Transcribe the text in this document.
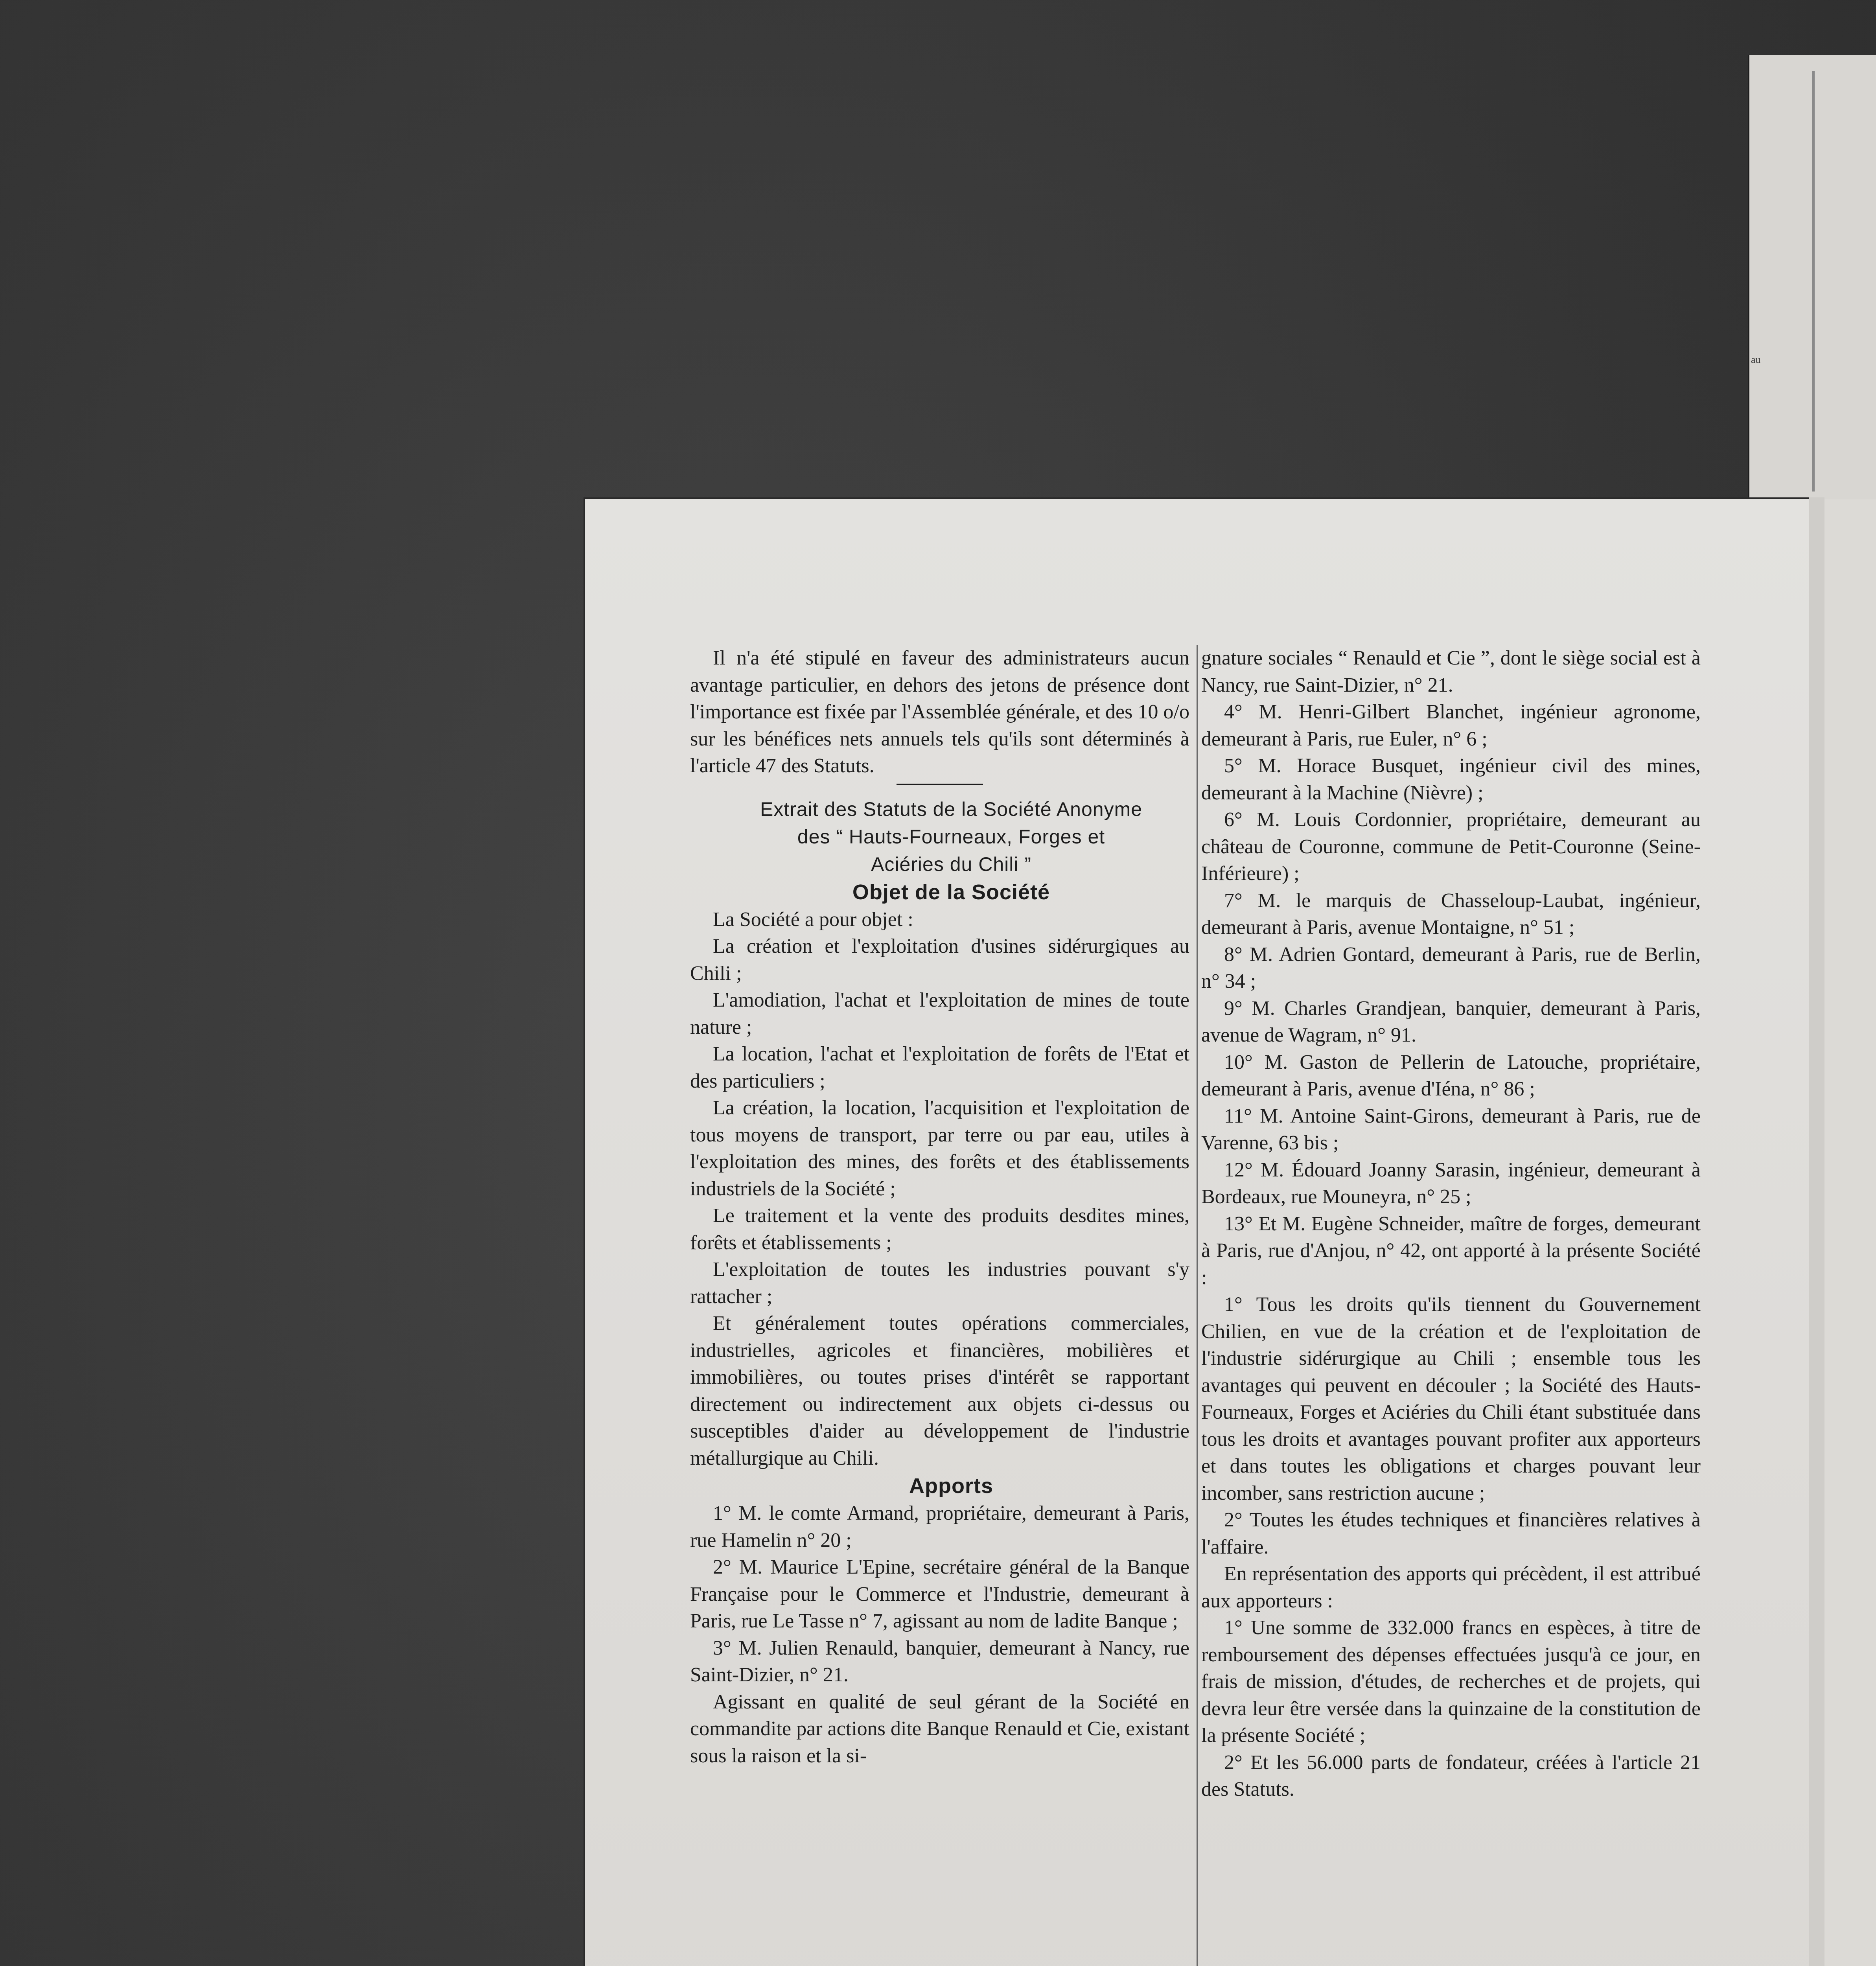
au

Il n'a été stipulé en faveur des administrateurs aucun avantage particulier, en dehors des jetons de présence dont l'importance est fixée par l'Assemblée générale, et des 10 o/o sur les bénéfices nets annuels tels qu'ils sont déterminés à l'article 47 des Statuts.

Extrait des Statuts de la Société Anonyme

des “ Hauts-Fourneaux, Forges et

Aciéries du Chili ”

Objet de la Société

La Société a pour objet :

La création et l'exploitation d'usines sidérurgiques au Chili ;

L'amodiation, l'achat et l'exploitation de mines de toute nature ;

La location, l'achat et l'exploitation de forêts de l'Etat et des particuliers ;

La création, la location, l'acquisition et l'exploitation de tous moyens de transport, par terre ou par eau, utiles à l'exploitation des mines, des forêts et des établissements industriels de la Société ;

Le traitement et la vente des produits desdites mines, forêts et établissements ;

L'exploitation de toutes les industries pouvant s'y rattacher ;

Et généralement toutes opérations commerciales, industrielles, agricoles et financières, mobilières et immobilières, ou toutes prises d'intérêt se rapportant directement ou indirectement aux objets ci-dessus ou susceptibles d'aider au développement de l'industrie métallurgique au Chili.

Apports

1° M. le comte Armand, propriétaire, demeurant à Paris, rue Hamelin n° 20 ;

2° M. Maurice L'Epine, secrétaire général de la Banque Française pour le Commerce et l'Industrie, demeurant à Paris, rue Le Tasse n° 7, agissant au nom de ladite Banque ;

3° M. Julien Renauld, banquier, demeurant à Nancy, rue Saint-Dizier, n° 21.

Agissant en qualité de seul gérant de la Société en commandite par actions dite Banque Renauld et Cie, existant sous la raison et la si-

gnature sociales “ Renauld et Cie ”, dont le siège social est à Nancy, rue Saint-Dizier, n° 21.

4° M. Henri-Gilbert Blanchet, ingénieur agronome, demeurant à Paris, rue Euler, n° 6 ;

5° M. Horace Busquet, ingénieur civil des mines, demeurant à la Machine (Nièvre) ;

6° M. Louis Cordonnier, propriétaire, demeurant au château de Couronne, commune de Petit-Couronne (Seine-Inférieure) ;

7° M. le marquis de Chasseloup-Laubat, ingénieur, demeurant à Paris, avenue Montaigne, n° 51 ;

8° M. Adrien Gontard, demeurant à Paris, rue de Berlin, n° 34 ;

9° M. Charles Grandjean, banquier, demeurant à Paris, avenue de Wagram, n° 91.

10° M. Gaston de Pellerin de Latouche, propriétaire, demeurant à Paris, avenue d'Iéna, n° 86 ;

11° M. Antoine Saint-Girons, demeurant à Paris, rue de Varenne, 63 bis ;

12° M. Édouard Joanny Sarasin, ingénieur, demeurant à Bordeaux, rue Mouneyra, n° 25 ;

13° Et M. Eugène Schneider, maître de forges, demeurant à Paris, rue d'Anjou, n° 42, ont apporté à la présente Société :

1° Tous les droits qu'ils tiennent du Gouvernement Chilien, en vue de la création et de l'exploitation de l'industrie sidérurgique au Chili ; ensemble tous les avantages qui peuvent en découler ; la Société des Hauts-Fourneaux, Forges et Aciéries du Chili étant substituée dans tous les droits et avantages pouvant profiter aux apporteurs et dans toutes les obligations et charges pouvant leur incomber, sans restriction aucune ;

2° Toutes les études techniques et financières relatives à l'affaire.

En représentation des apports qui précèdent, il est attribué aux apporteurs :

1° Une somme de 332.000 francs en espèces, à titre de remboursement des dépenses effectuées jusqu'à ce jour, en frais de mission, d'études, de recherches et de projets, qui devra leur être versée dans la quinzaine de la constitution de la présente Société ;

2° Et les 56.000 parts de fondateur, créées à l'article 21 des Statuts.
